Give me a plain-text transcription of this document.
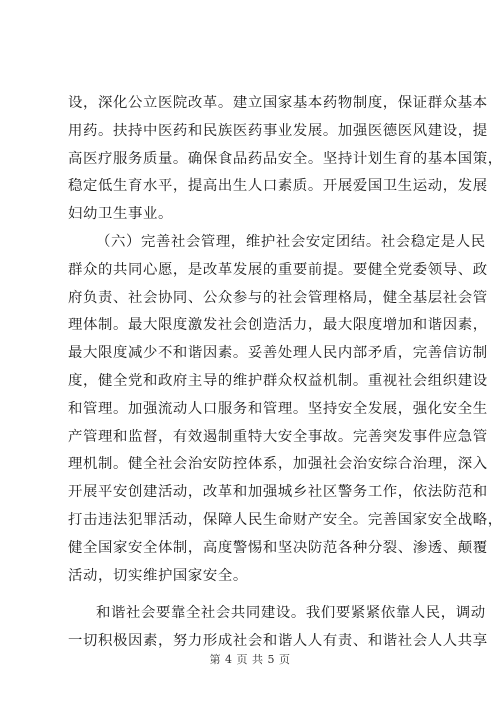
设，深化公立医院改革。建立国家基本药物制度，保证群众基本
用药。扶持中医药和民族医药事业发展。加强医德医风建设，提
高医疗服务质量。确保食品药品安全。坚持计划生育的基本国策，
稳定低生育水平，提高出生人口素质。开展爱国卫生运动，发展
妇幼卫生事业。
（六）完善社会管理，维护社会安定团结。社会稳定是人民
群众的共同心愿，是改革发展的重要前提。要健全党委领导、政
府负责、社会协同、公众参与的社会管理格局，健全基层社会管
理体制。最大限度激发社会创造活力，最大限度增加和谐因素，
最大限度减少不和谐因素。妥善处理人民内部矛盾，完善信访制
度，健全党和政府主导的维护群众权益机制。重视社会组织建设
和管理。加强流动人口服务和管理。坚持安全发展，强化安全生
产管理和监督，有效遏制重特大安全事故。完善突发事件应急管
理机制。健全社会治安防控体系，加强社会治安综合治理，深入
开展平安创建活动，改革和加强城乡社区警务工作，依法防范和
打击违法犯罪活动，保障人民生命财产安全。完善国家安全战略，
健全国家安全体制，高度警惕和坚决防范各种分裂、渗透、颠覆
活动，切实维护国家安全。
和谐社会要靠全社会共同建设。我们要紧紧依靠人民，调动
一切积极因素，努力形成社会和谐人人有责、和谐社会人人共享
第 4 页 共 5 页
